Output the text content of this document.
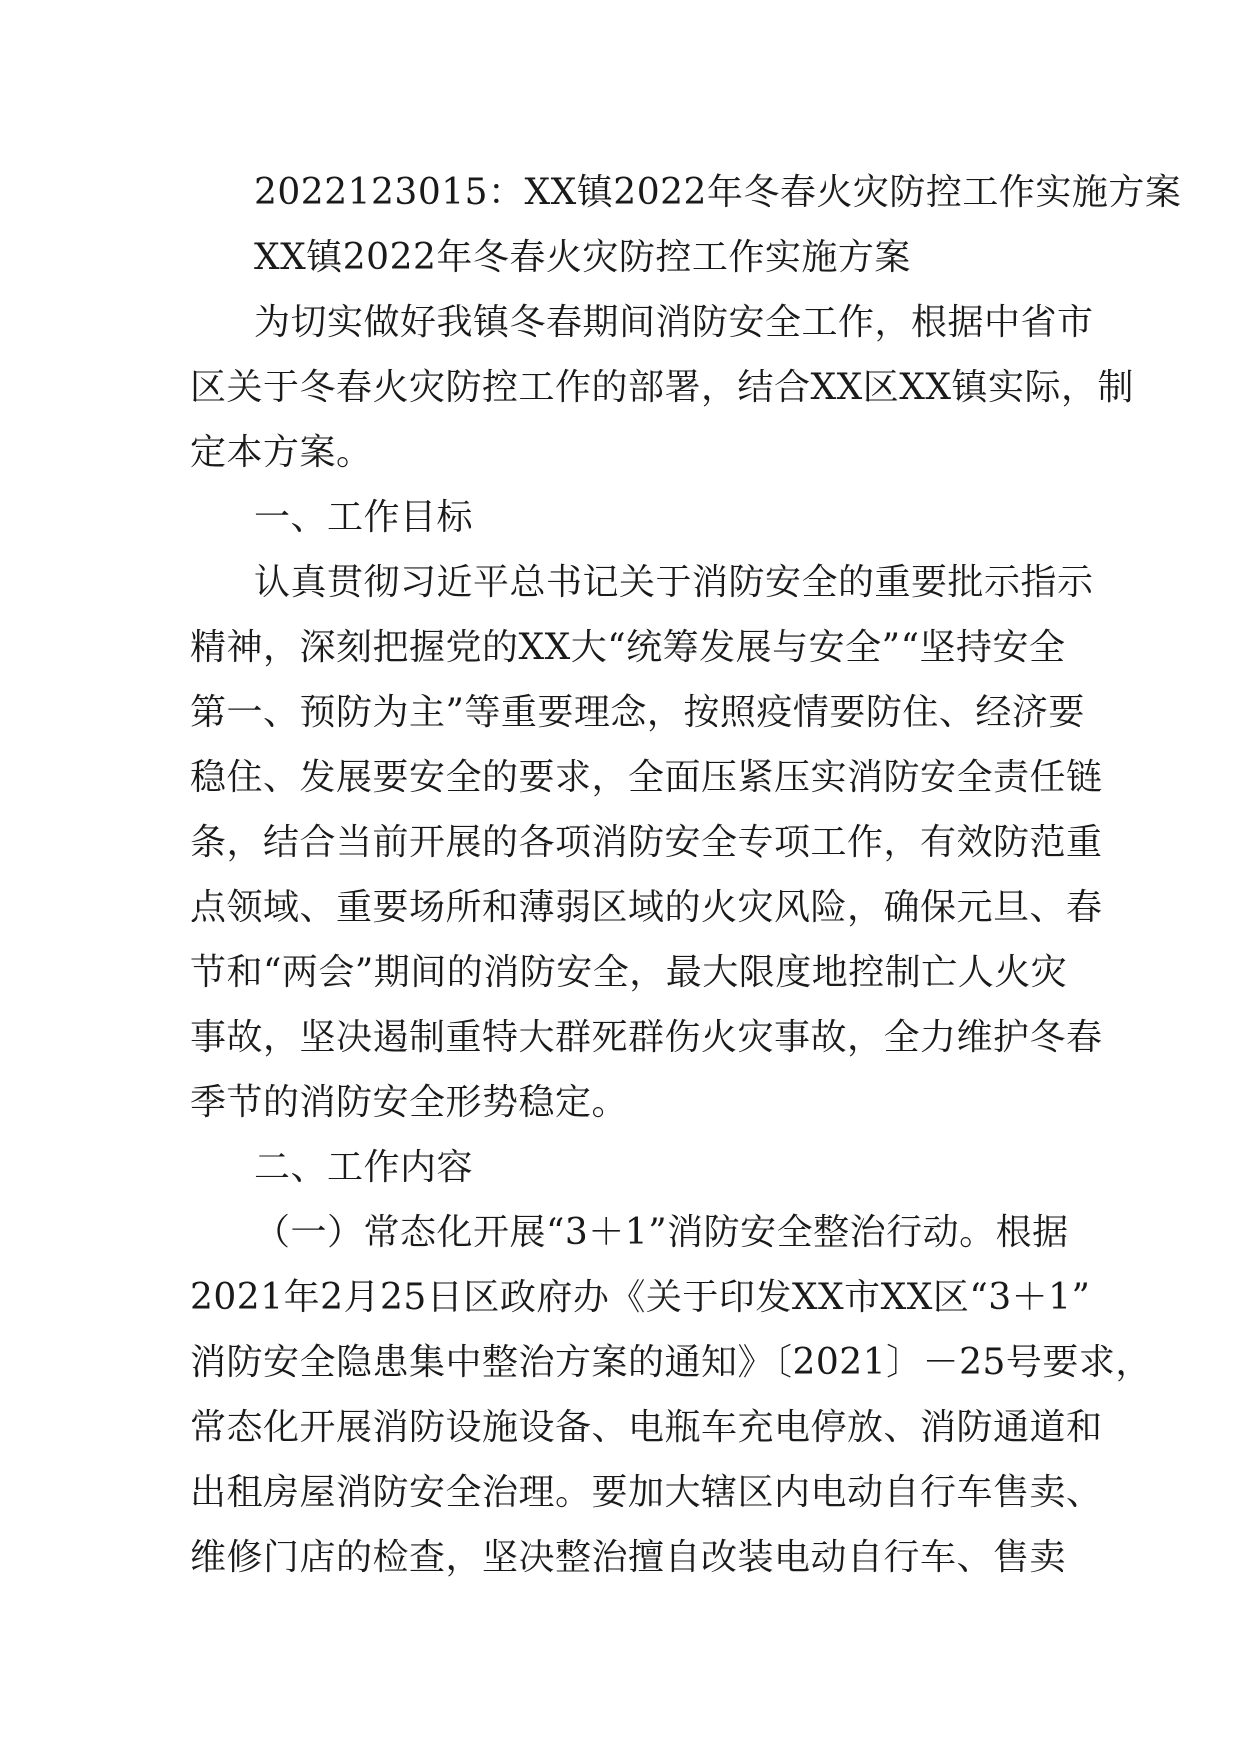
2022123015：XX镇2022年冬春火灾防控工作实施方案
XX镇2022年冬春火灾防控工作实施方案
为切实做好我镇冬春期间消防安全工作，根据中省市
区关于冬春火灾防控工作的部署，结合XX区XX镇实际，制
定本方案。
一、工作目标
认真贯彻习近平总书记关于消防安全的重要批示指示
精神，深刻把握党的XX大“统筹发展与安全”“坚持安全
第一、预防为主”等重要理念，按照疫情要防住、经济要
稳住、发展要安全的要求，全面压紧压实消防安全责任链
条，结合当前开展的各项消防安全专项工作，有效防范重
点领域、重要场所和薄弱区域的火灾风险，确保元旦、春
节和“两会”期间的消防安全，最大限度地控制亡人火灾
事故，坚决遏制重特大群死群伤火灾事故，全力维护冬春
季节的消防安全形势稳定。
二、工作内容
（一）常态化开展“3＋1”消防安全整治行动。根据
2021年2月25日区政府办《关于印发XX市XX区“3＋1”
消防安全隐患集中整治方案的通知》〔2021〕－25号要求，
常态化开展消防设施设备、电瓶车充电停放、消防通道和
出租房屋消防安全治理。要加大辖区内电动自行车售卖、
维修门店的检查，坚决整治擅自改装电动自行车、售卖
